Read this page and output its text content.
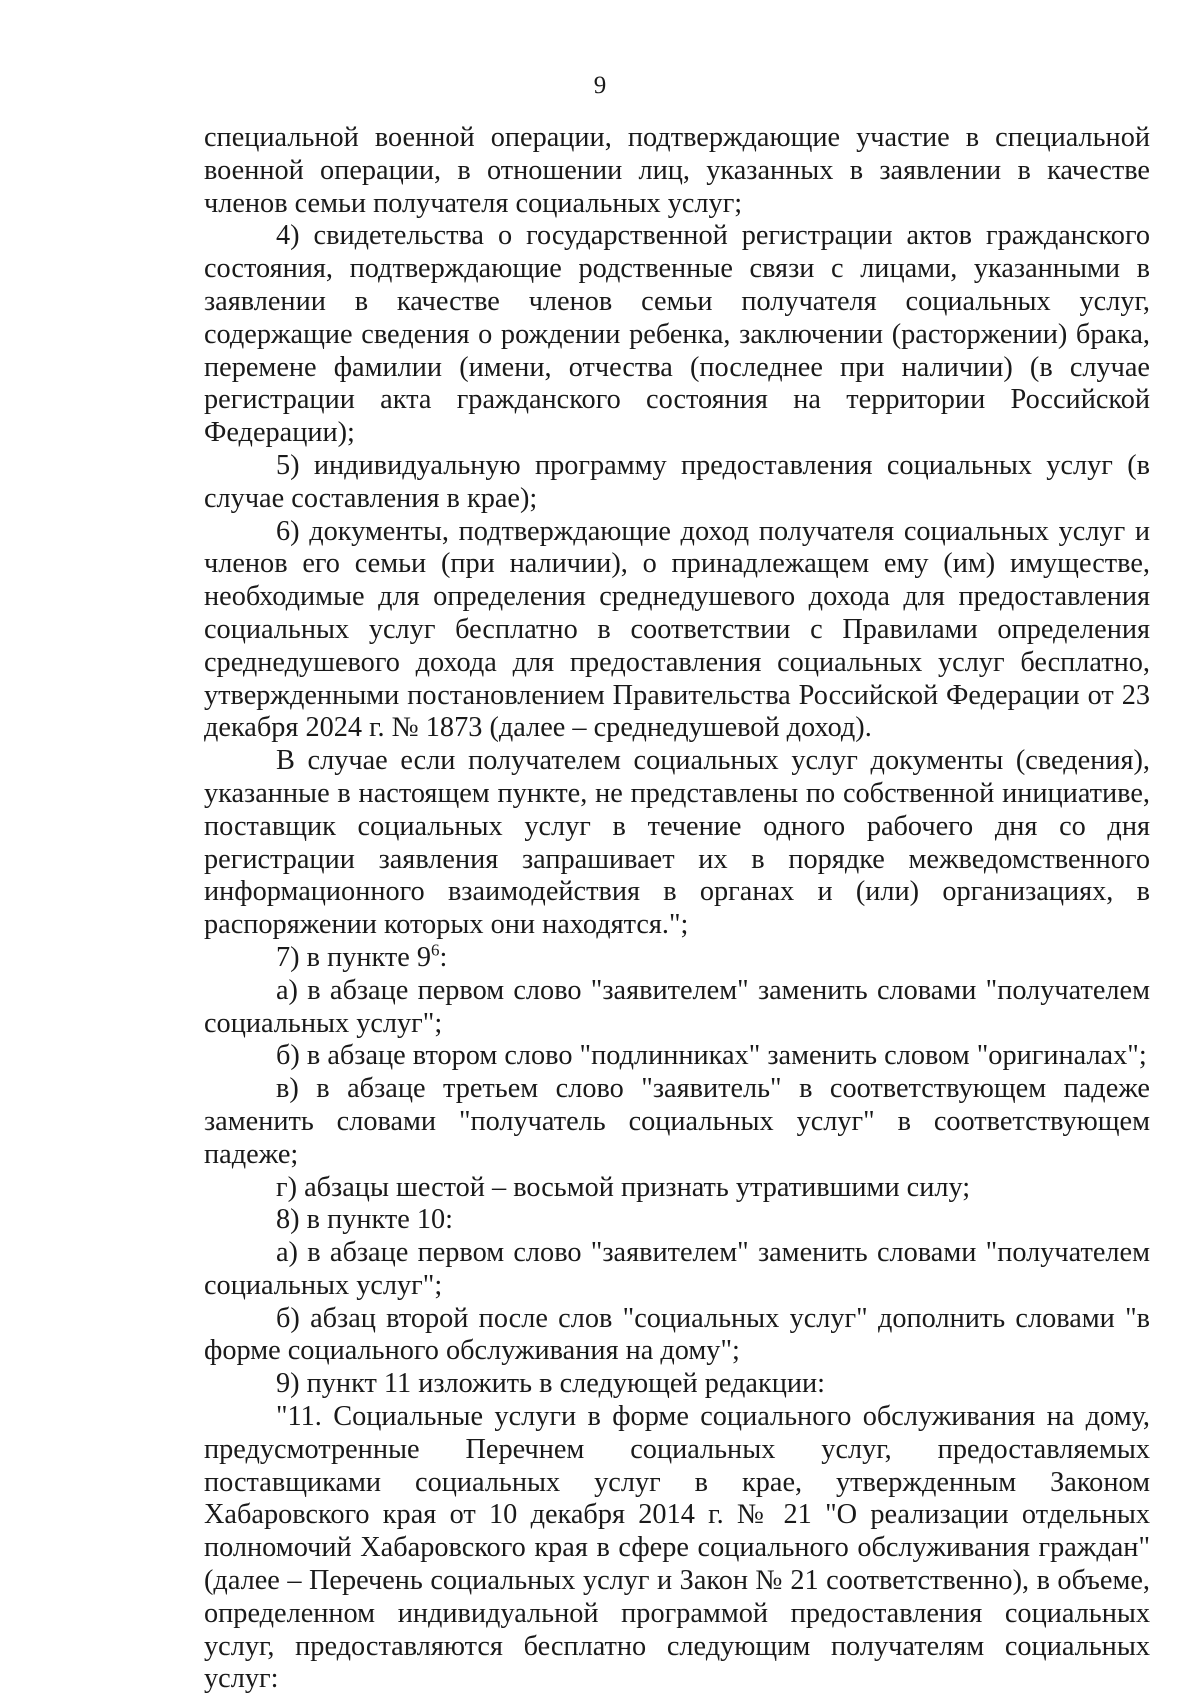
9

специальной военной операции, подтверждающие участие в специальной военной операции, в отношении лиц, указанных в заявлении в качестве членов семьи получателя социальных услуг;

4) свидетельства о государственной регистрации актов гражданского состояния, подтверждающие родственные связи с лицами, указанными в заявлении в качестве членов семьи получателя социальных услуг, содержащие сведения о рождении ребенка, заключении (расторжении) брака, перемене фамилии (имени, отчества (последнее при наличии) (в случае регистрации акта гражданского состояния на территории Российской Федерации);

5) индивидуальную программу предоставления социальных услуг (в случае составления в крае);

6) документы, подтверждающие доход получателя социальных услуг и членов его семьи (при наличии), о принадлежащем ему (им) имуществе, необходимые для определения среднедушевого дохода для предоставления социальных услуг бесплатно в соответствии с Правилами определения среднедушевого дохода для предоставления социальных услуг бесплатно, утвержденными постановлением Правительства Российской Федерации от 23 декабря 2024 г. № 1873 (далее – среднедушевой доход).

В случае если получателем социальных услуг документы (сведения), указанные в настоящем пункте, не представлены по собственной инициативе, поставщик социальных услуг в течение одного рабочего дня со дня регистрации заявления запрашивает их в порядке межведомственного информационного взаимодействия в органах и (или) организациях, в распоряжении которых они находятся.";

7) в пункте $9^6$:

а) в абзаце первом слово "заявителем" заменить словами "получателем социальных услуг";

б) в абзаце втором слово "подлинниках" заменить словом "оригиналах";

в) в абзаце третьем слово "заявитель" в соответствующем падеже заменить словами "получатель социальных услуг" в соответствующем падеже;

г) абзацы шестой – восьмой признать утратившими силу;

8) в пункте 10:

а) в абзаце первом слово "заявителем" заменить словами "получателем социальных услуг";

б) абзац второй после слов "социальных услуг" дополнить словами "в форме социального обслуживания на дому";

9) пункт 11 изложить в следующей редакции:

"11. Социальные услуги в форме социального обслуживания на дому, предусмотренные Перечнем социальных услуг, предоставляемых поставщиками социальных услуг в крае, утвержденным Законом Хабаровского края от 10 декабря 2014 г. № 21 "О реализации отдельных полномочий Хабаровского края в сфере социального обслуживания граждан" (далее – Перечень социальных услуг и Закон № 21 соответственно), в объеме, определенном индивидуальной программой предоставления социальных услуг, предоставляются бесплатно следующим получателям социальных услуг:
